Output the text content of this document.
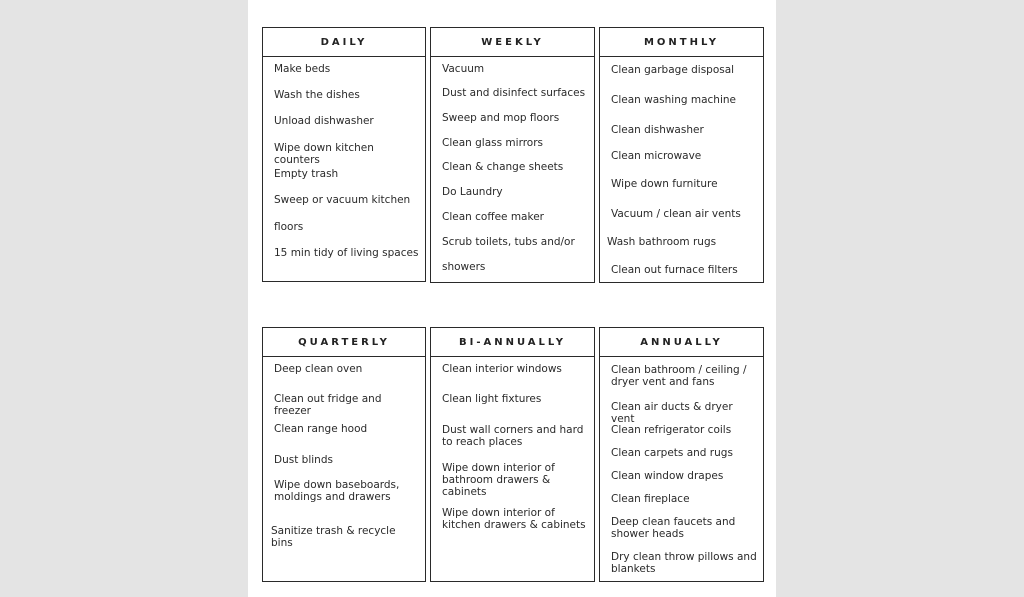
DAILY
Make beds
Wash the dishes
Unload dishwasher
Wipe down kitchen counters
Empty trash
Sweep or vacuum kitchen
floors
15 min tidy of living spaces
WEEKLY
Vacuum
Dust and disinfect surfaces
Sweep and mop floors
Clean glass mirrors
Clean & change sheets
Do Laundry
Clean coffee maker
Scrub toilets, tubs and/or
showers
MONTHLY
Clean garbage disposal
Clean washing machine
Clean dishwasher
Clean microwave
Wipe down furniture
Vacuum / clean air vents
Wash bathroom rugs
Clean out furnace filters
QUARTERLY
Deep clean oven
Clean out fridge and freezer
Clean range hood
Dust blinds
Wipe down baseboards, moldings and drawers
Sanitize trash & recycle bins
BI-ANNUALLY
Clean interior windows
Clean light fixtures
Dust wall corners and hard to reach places
Wipe down interior of bathroom drawers & cabinets
Wipe down interior of kitchen drawers & cabinets
ANNUALLY
Clean bathroom / ceiling / dryer vent and fans
Clean air ducts & dryer vent
Clean refrigerator coils
Clean carpets and rugs
Clean window drapes
Clean fireplace
Deep clean faucets and shower heads
Dry clean throw pillows and blankets
